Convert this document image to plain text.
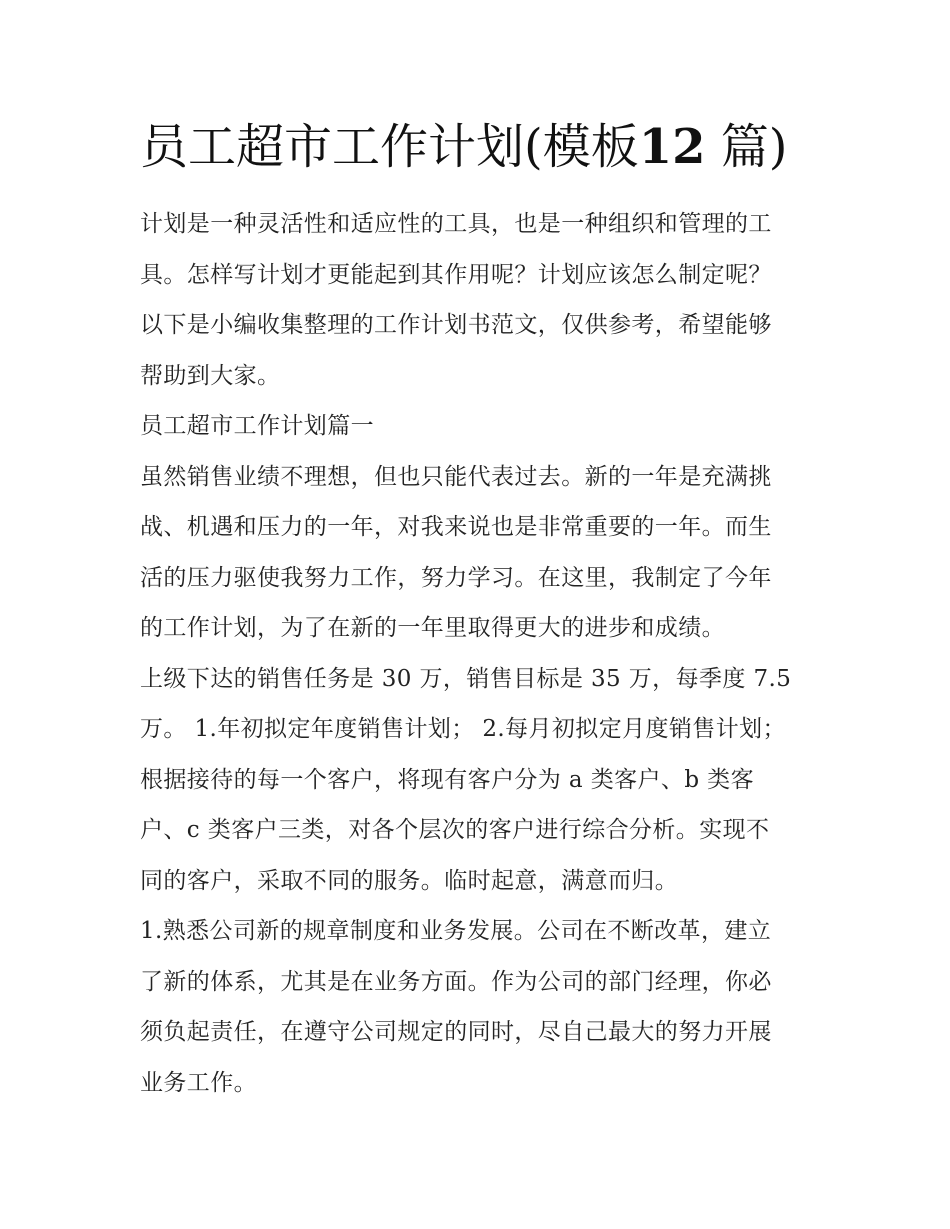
员工超市工作计划(模板12 篇)

计划是一种灵活性和适应性的工具，也是一种组织和管理的工
具。怎样写计划才更能起到其作用呢？计划应该怎么制定呢？
以下是小编收集整理的工作计划书范文，仅供参考，希望能够
帮助到大家。

员工超市工作计划篇一

虽然销售业绩不理想，但也只能代表过去。新的一年是充满挑
战、机遇和压力的一年，对我来说也是非常重要的一年。而生
活的压力驱使我努力工作，努力学习。在这里，我制定了今年
的工作计划，为了在新的一年里取得更大的进步和成绩。

上级下达的销售任务是 30 万，销售目标是 35 万，每季度 7.5
万。 1.年初拟定年度销售计划； 2.每月初拟定月度销售计划；
根据接待的每一个客户，将现有客户分为 a 类客户、b 类客
户、c 类客户三类，对各个层次的客户进行综合分析。实现不
同的客户，采取不同的服务。临时起意，满意而归。

1.熟悉公司新的规章制度和业务发展。公司在不断改革，建立
了新的体系，尤其是在业务方面。作为公司的部门经理，你必
须负起责任，在遵守公司规定的同时，尽自己最大的努力开展
业务工作。
